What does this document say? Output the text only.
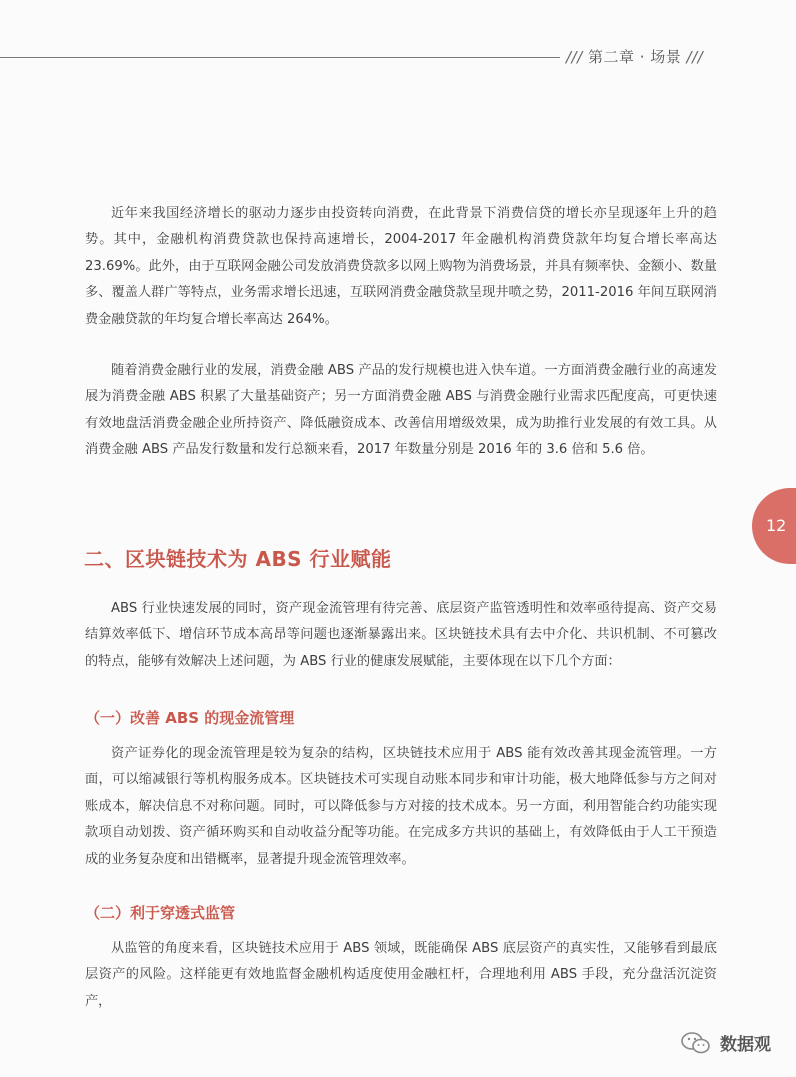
/// 第二章 · 场景 ///
12

近年来我国经济增长的驱动力逐步由投资转向消费，在此背景下消费信贷的增长亦呈现逐年上升的趋势。其中，金融机构消费贷款也保持高速增长，2004-2017 年金融机构消费贷款年均复合增长率高达 23.69%。此外，由于互联网金融公司发放消费贷款多以网上购物为消费场景，并具有频率快、金额小、数量多、覆盖人群广等特点，业务需求增长迅速，互联网消费金融贷款呈现井喷之势，2011-2016 年间互联网消费金融贷款的年均复合增长率高达 264%。

随着消费金融行业的发展，消费金融 ABS 产品的发行规模也进入快车道。一方面消费金融行业的高速发展为消费金融 ABS 积累了大量基础资产；另一方面消费金融 ABS 与消费金融行业需求匹配度高，可更快速有效地盘活消费金融企业所持资产、降低融资成本、改善信用增级效果，成为助推行业发展的有效工具。从消费金融 ABS 产品发行数量和发行总额来看，2017 年数量分别是 2016 年的 3.6 倍和 5.6 倍。

二、区块链技术为 ABS 行业赋能

ABS 行业快速发展的同时，资产现金流管理有待完善、底层资产监管透明性和效率亟待提高、资产交易结算效率低下、增信环节成本高昂等问题也逐渐暴露出来。区块链技术具有去中介化、共识机制、不可篡改的特点，能够有效解决上述问题，为 ABS 行业的健康发展赋能，主要体现在以下几个方面：

（一）改善 ABS 的现金流管理

资产证券化的现金流管理是较为复杂的结构，区块链技术应用于 ABS 能有效改善其现金流管理。一方面，可以缩减银行等机构服务成本。区块链技术可实现自动账本同步和审计功能，极大地降低参与方之间对账成本，解决信息不对称问题。同时，可以降低参与方对接的技术成本。另一方面，利用智能合约功能实现款项自动划拨、资产循环购买和自动收益分配等功能。在完成多方共识的基础上，有效降低由于人工干预造成的业务复杂度和出错概率，显著提升现金流管理效率。

（二）利于穿透式监管

从监管的角度来看，区块链技术应用于 ABS 领域，既能确保 ABS 底层资产的真实性，又能够看到最底层资产的风险。这样能更有效地监督金融机构适度使用金融杠杆，合理地利用 ABS 手段，充分盘活沉淀资产，

数据观
